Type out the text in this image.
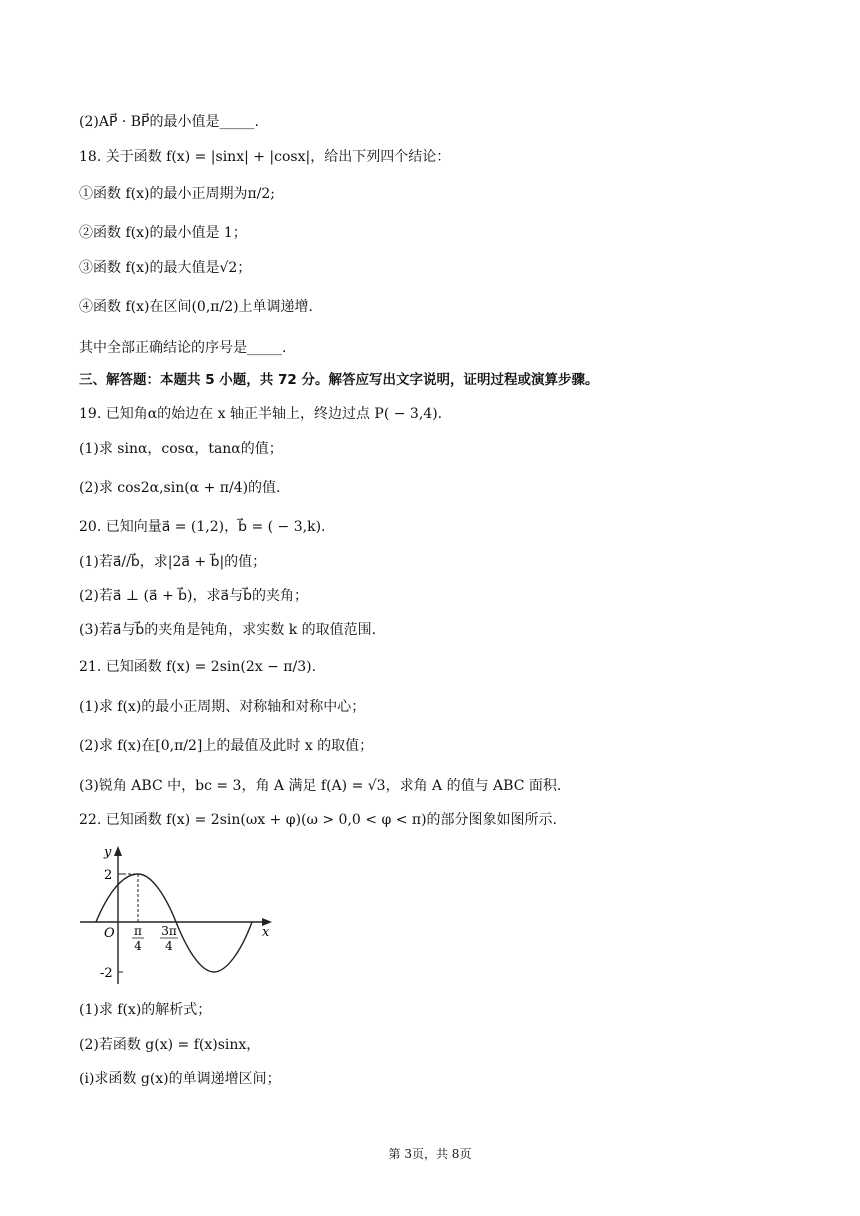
(2)AP⃗ · BP⃗的最小值是_____.
18. 关于函数 f(x) = |sinx| + |cosx|，给出下列四个结论：
①函数 f(x)的最小正周期为π/2;
②函数 f(x)的最小值是 1；
③函数 f(x)的最大值是√2；
④函数 f(x)在区间(0,π/2)上单调递增.
其中全部正确结论的序号是_____.
三、解答题：本题共 5 小题，共 72 分。解答应写出文字说明，证明过程或演算步骤。
19. 已知角α的始边在 x 轴正半轴上，终边过点 P( − 3,4).
(1)求 sinα，cosα，tanα的值；
(2)求 cos2α,sin(α + π/4)的值.
20. 已知向量a⃗ = (1,2)，b⃗ = ( − 3,k).
(1)若a⃗//b⃗，求|2a⃗ + b⃗|的值；
(2)若a⃗ ⊥ (a⃗ + b⃗)，求a⃗与b⃗的夹角；
(3)若a⃗与b⃗的夹角是钝角，求实数 k 的取值范围.
21. 已知函数 f(x) = 2sin(2x − π/3).
(1)求 f(x)的最小正周期、对称轴和对称中心；
(2)求 f(x)在[0,π/2]上的最值及此时 x 的取值；
(3)锐角 ABC 中，bc = 3，角 A 满足 f(A) = √3，求角 A 的值与 ABC 面积.
22. 已知函数 f(x) = 2sin(ωx + φ)(ω > 0,0 < φ < π)的部分图象如图所示.
y
x
O
2
-2
π
4
3π
4
(1)求 f(x)的解析式；
(2)若函数 g(x) = f(x)sinx，
(i)求函数 g(x)的单调递增区间；
第 3页，共 8页
